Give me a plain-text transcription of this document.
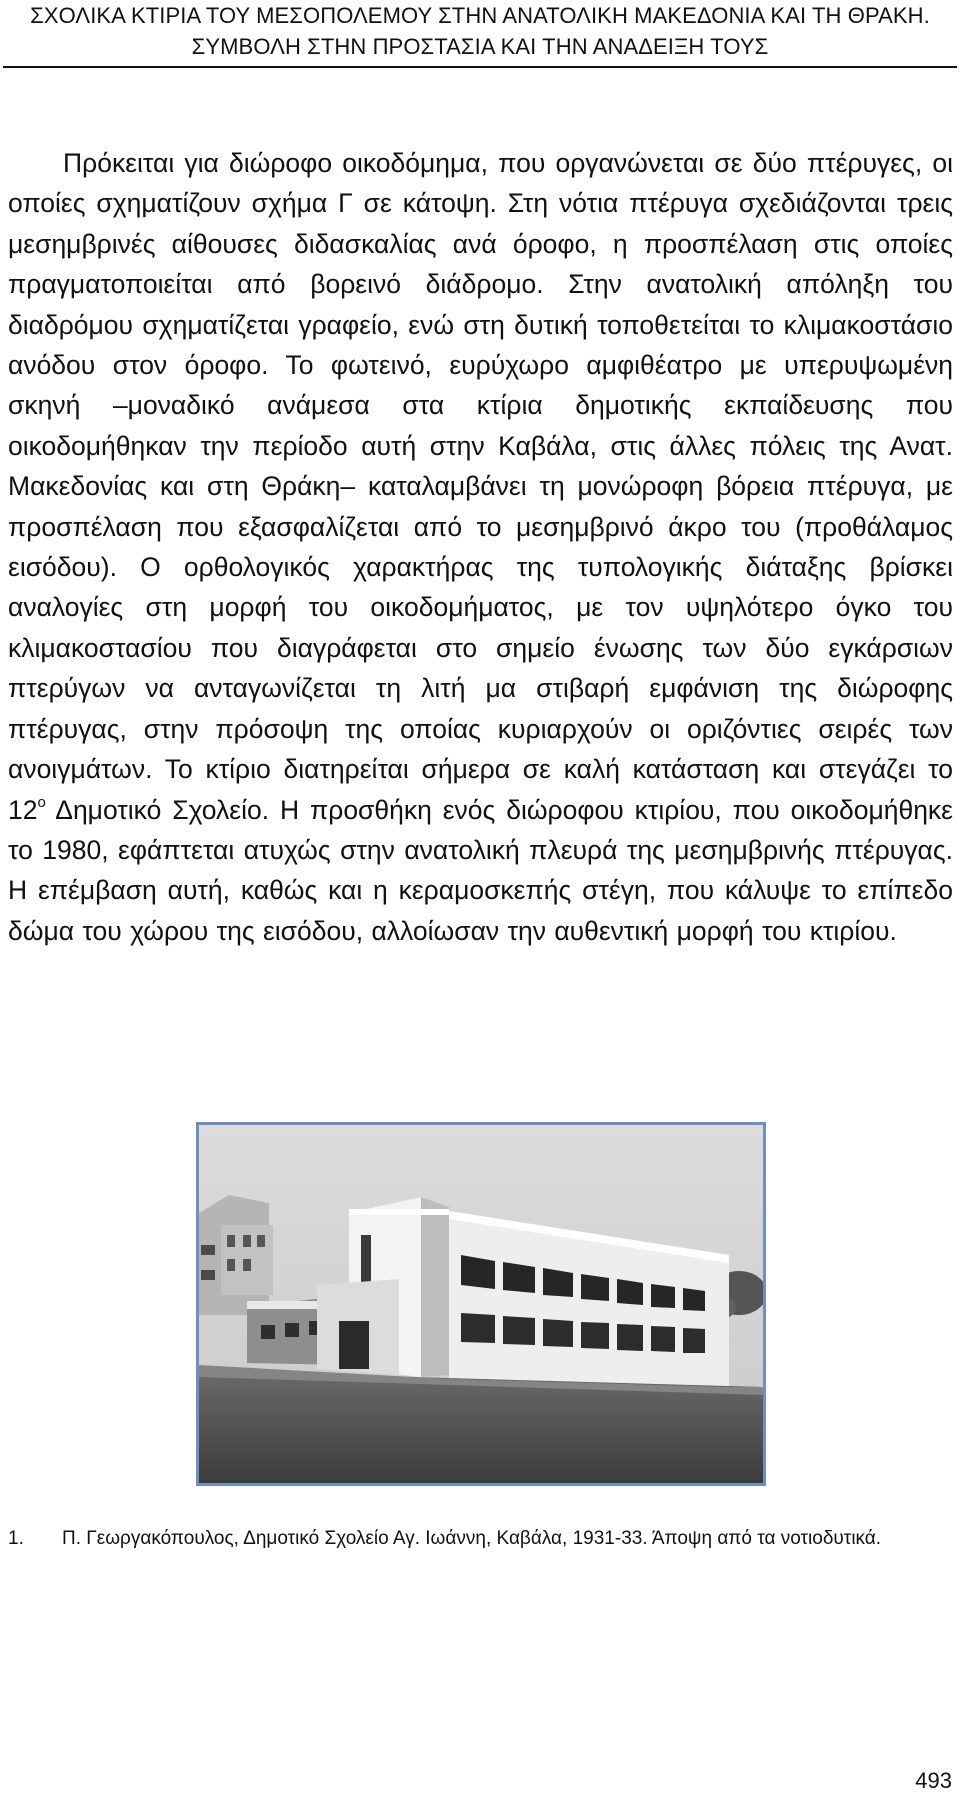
ΣΧΟΛΙΚΑ ΚΤΙΡΙΑ ΤΟΥ ΜΕΣΟΠΟΛΕΜΟΥ ΣΤΗΝ ΑΝΑΤΟΛΙΚΗ ΜΑΚΕΔΟΝΙΑ ΚΑΙ ΤΗ ΘΡΑΚΗ.
ΣΥΜΒΟΛΗ ΣΤΗΝ ΠΡΟΣΤΑΣΙΑ ΚΑΙ ΤΗΝ ΑΝΑΔΕΙΞΗ ΤΟΥΣ

Πρόκειται για διώροφο οικοδόμημα, που οργανώνεται σε δύο πτέρυγες, οι οποίες σχηματίζουν σχήμα Γ σε κάτοψη. Στη νότια πτέρυγα σχεδιάζονται τρεις μεσημβρινές αίθουσες διδασκαλίας ανά όροφο, η προσπέλαση στις οποίες πραγματοποιείται από βορεινό διάδρομο. Στην ανατολική απόληξη του διαδρόμου σχηματίζεται γραφείο, ενώ στη δυτική τοποθετείται το κλιμακοστάσιο ανόδου στον όροφο. Το φωτεινό, ευρύχωρο αμφιθέατρο με υπερυψωμένη σκηνή –μοναδικό ανάμεσα στα κτίρια δημοτικής εκπαίδευσης που οικοδομήθηκαν την περίοδο αυτή στην Καβάλα, στις άλλες πόλεις της Ανατ. Μακεδονίας και στη Θράκη– καταλαμβάνει τη μονώροφη βόρεια πτέρυγα, με προσπέλαση που εξασφαλίζεται από το μεσημβρινό άκρο του (προθάλαμος εισόδου). Ο ορθολογικός χαρακτήρας της τυπολογικής διάταξης βρίσκει αναλογίες στη μορφή του οικοδομήματος, με τον υψηλότερο όγκο του κλιμακοστασίου που διαγράφεται στο σημείο ένωσης των δύο εγκάρσιων πτερύγων να ανταγωνίζεται τη λιτή μα στιβαρή εμφάνιση της διώροφης πτέρυγας, στην πρόσοψη της οποίας κυριαρχούν οι οριζόντιες σειρές των ανοιγμάτων. Το κτίριο διατηρείται σήμερα σε καλή κατάσταση και στεγάζει το $12^o$ Δημοτικό Σχολείο. Η προσθήκη ενός διώροφου κτιρίου, που οικοδομήθηκε το 1980, εφάπτεται ατυχώς στην ανατολική πλευρά της μεσημβρινής πτέρυγας. Η επέμβαση αυτή, καθώς και η κεραμοσκεπής στέγη, που κάλυψε το επίπεδο δώμα του χώρου της εισόδου, αλλοίωσαν την αυθεντική μορφή του κτιρίου.

1. Π. Γεωργακόπουλος, Δημοτικό Σχολείο Αγ. Ιωάννη, Καβάλα, 1931-33. Άποψη από τα νοτιοδυτικά.
493
